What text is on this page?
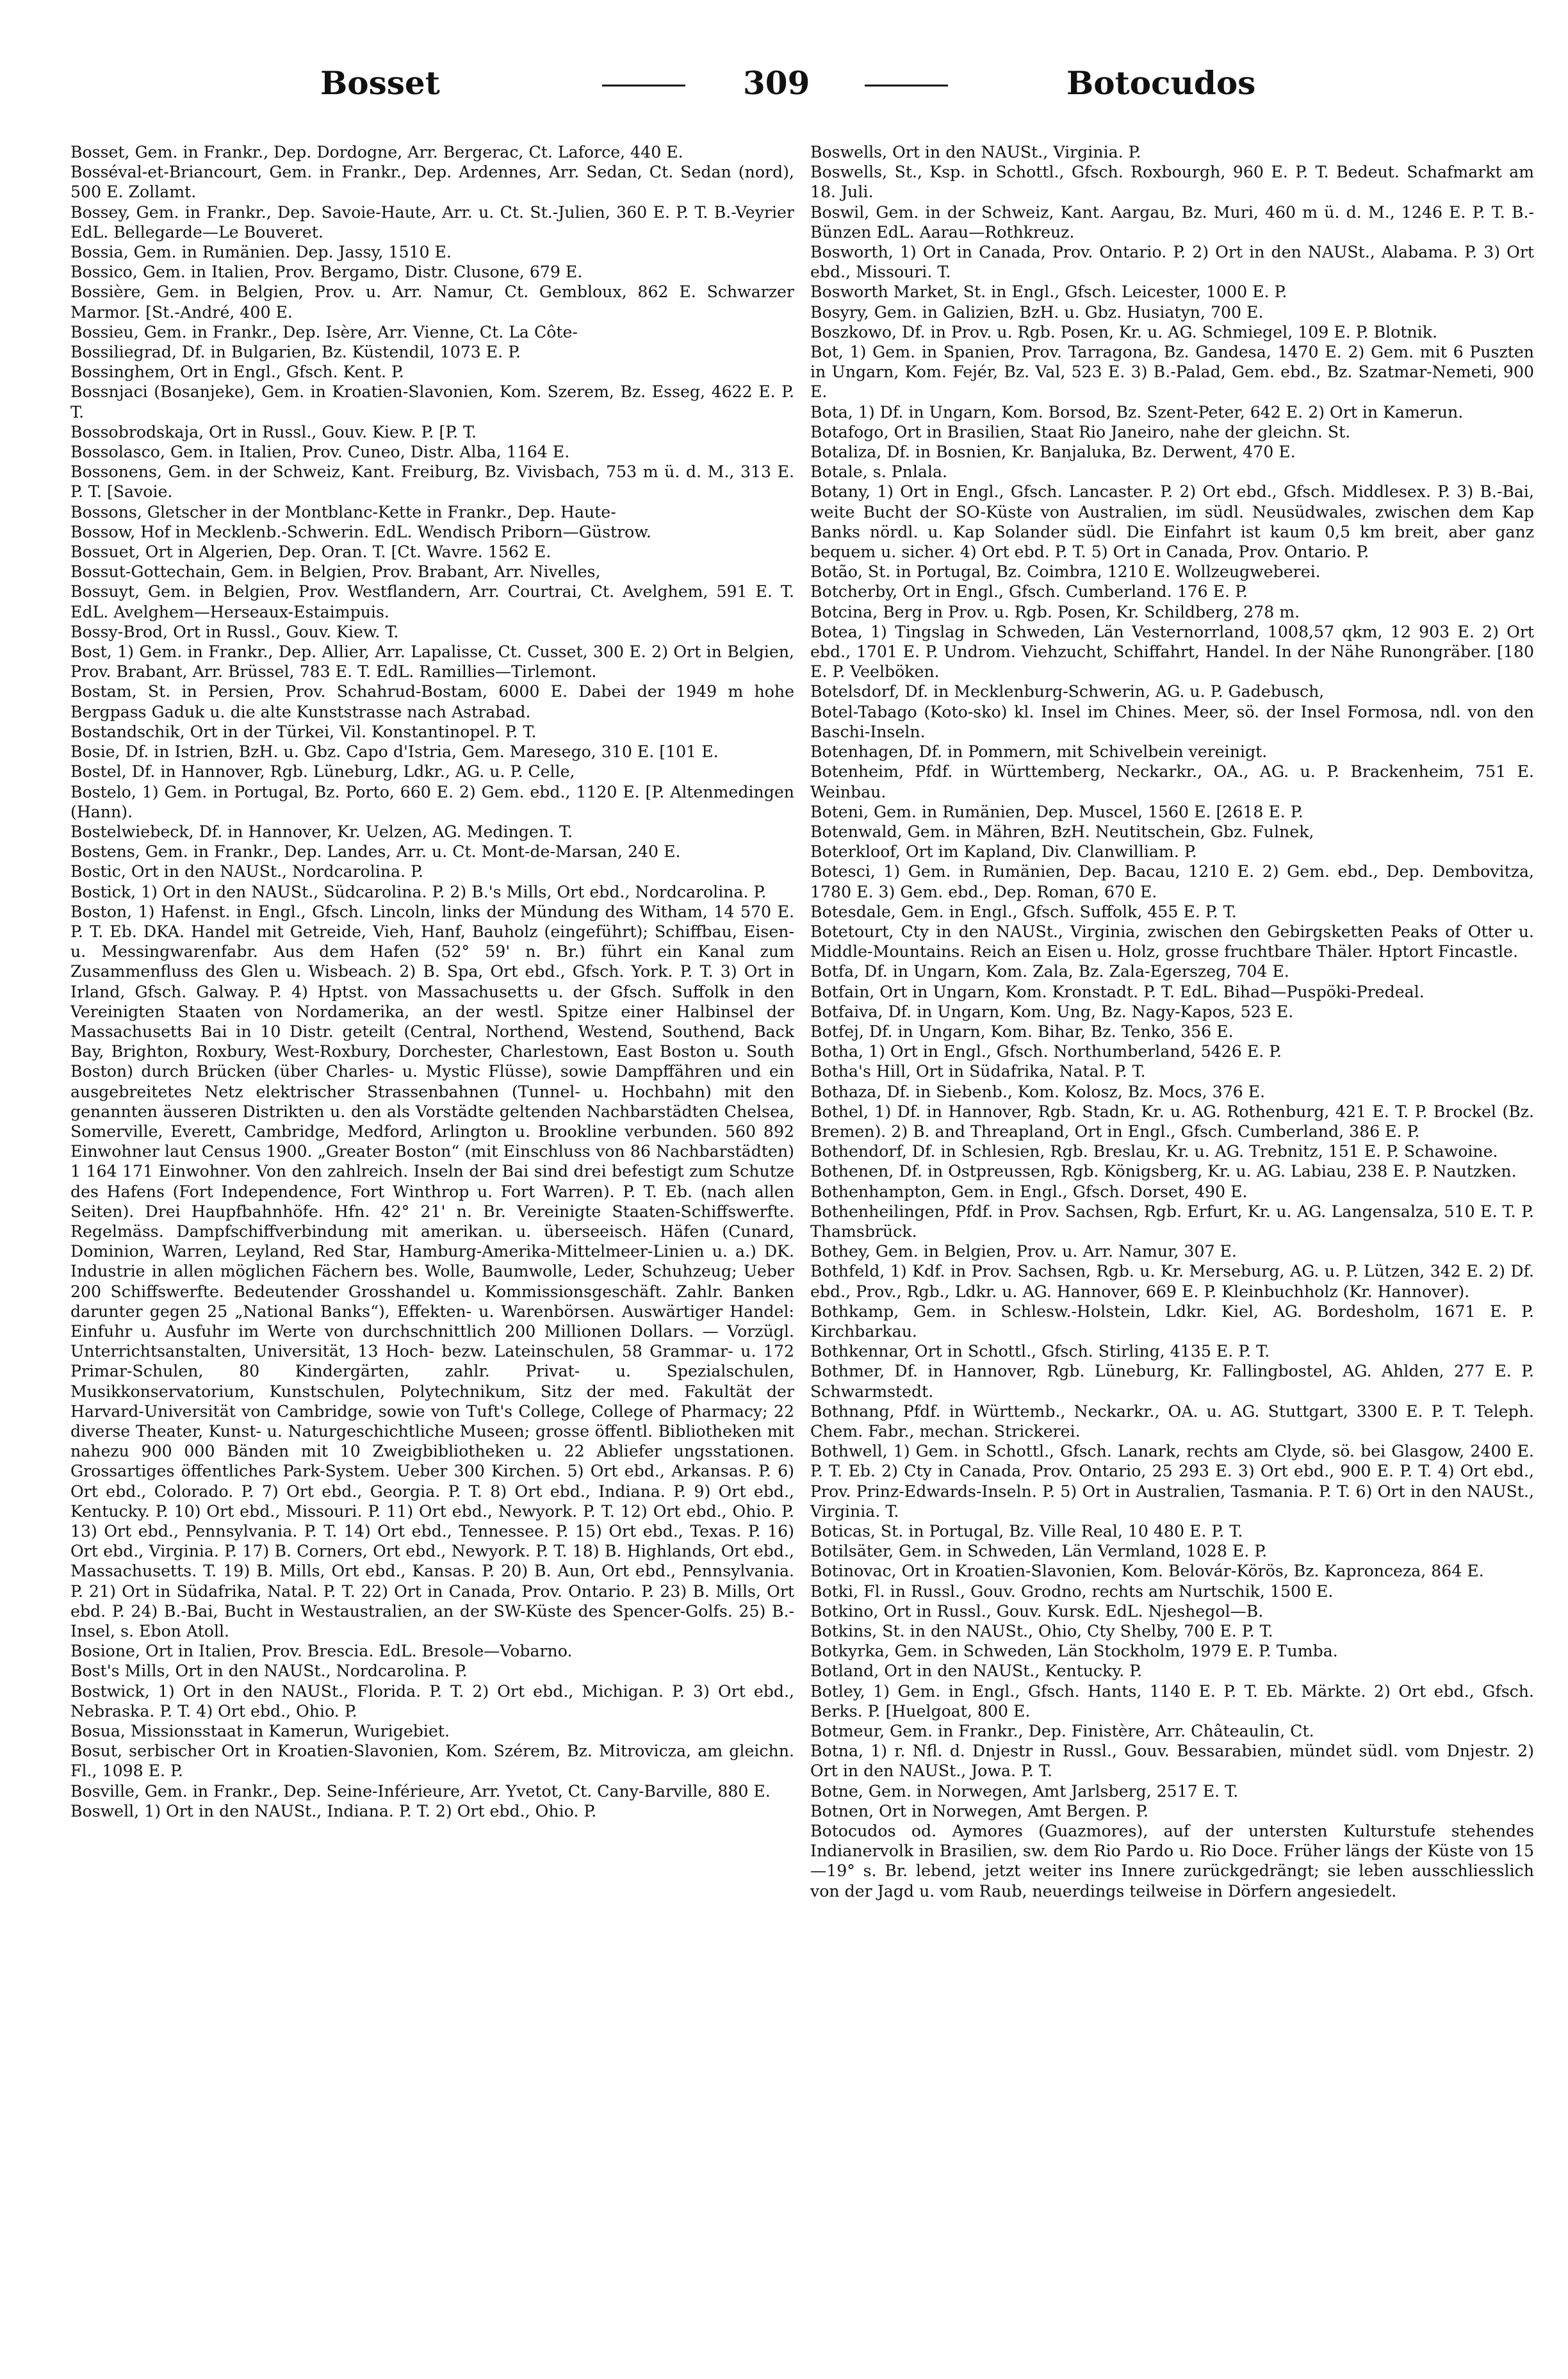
Bosset	309	Botocudos

Bosset, Gem. in Frankr., Dep. Dordogne, Arr. Bergerac, Ct. Laforce, 440 E.

Bosséval-et-Briancourt, Gem. in Frankr., Dep. Ardennes, Arr. Sedan, Ct. Sedan (nord), 500 E. Zollamt.

Bossey, Gem. in Frankr., Dep. Savoie-Haute, Arr. u. Ct. St.-Julien, 360 E. P. T. B.-Veyrier EdL. Bellegarde—Le Bouveret.

Bossia, Gem. in Rumänien. Dep. Jassy, 1510 E.

Bossico, Gem. in Italien, Prov. Bergamo, Distr. Clusone, 679 E.

Bossière, Gem. in Belgien, Prov. u. Arr. Namur, Ct. Gembloux, 862 E. Schwarzer Marmor. [St.-André, 400 E.

Bossieu, Gem. in Frankr., Dep. Isère, Arr. Vienne, Ct. La Côte-

Bossiliegrad, Df. in Bulgarien, Bz. Küstendil, 1073 E. P.

Bossinghem, Ort in Engl., Gfsch. Kent. P.

Bossnjaci (Bosanjeke), Gem. in Kroatien-Slavonien, Kom. Szerem, Bz. Esseg, 4622 E. P. T.

Bossobrodskaja, Ort in Russl., Gouv. Kiew. P. [P. T.

Bossolasco, Gem. in Italien, Prov. Cuneo, Distr. Alba, 1164 E.

Bossonens, Gem. in der Schweiz, Kant. Freiburg, Bz. Vivisbach, 753 m ü. d. M., 313 E. P. T. [Savoie.

Bossons, Gletscher in der Montblanc-Kette in Frankr., Dep. Haute-

Bossow, Hof in Mecklenb.-Schwerin. EdL. Wendisch Priborn—Güstrow.

Bossuet, Ort in Algerien, Dep. Oran. T. [Ct. Wavre. 1562 E.

Bossut-Gottechain, Gem. in Belgien, Prov. Brabant, Arr. Nivelles,

Bossuyt, Gem. in Belgien, Prov. Westflandern, Arr. Courtrai, Ct. Avelghem, 591 E. T. EdL. Avelghem—Herseaux-Estaimpuis.

Bossy-Brod, Ort in Russl., Gouv. Kiew. T.

Bost, 1) Gem. in Frankr., Dep. Allier, Arr. Lapalisse, Ct. Cusset, 300 E. 2) Ort in Belgien, Prov. Brabant, Arr. Brüssel, 783 E. T. EdL. Ramillies—Tirlemont.

Bostam, St. in Persien, Prov. Schahrud-Bostam, 6000 E. Dabei der 1949 m hohe Bergpass Gaduk u. die alte Kunststrasse nach Astrabad.

Bostandschik, Ort in der Türkei, Vil. Konstantinopel. P. T.

Bosie, Df. in Istrien, BzH. u. Gbz. Capo d'Istria, Gem. Maresego, 310 E. [101 E.

Bostel, Df. in Hannover, Rgb. Lüneburg, Ldkr., AG. u. P. Celle,

Bostelo, 1) Gem. in Portugal, Bz. Porto, 660 E. 2) Gem. ebd., 1120 E. [P. Altenmedingen (Hann).

Bostelwiebeck, Df. in Hannover, Kr. Uelzen, AG. Medingen. T.

Bostens, Gem. in Frankr., Dep. Landes, Arr. u. Ct. Mont-de-Marsan, 240 E.

Bostic, Ort in den NAUSt., Nordcarolina. P.

Bostick, 1) Ort in den NAUSt., Südcarolina. P. 2) B.'s Mills, Ort ebd., Nordcarolina. P.

Boston, 1) Hafenst. in Engl., Gfsch. Lincoln, links der Mündung des Witham, 14 570 E. P. T. Eb. DKA. Handel mit Getreide, Vieh, Hanf, Bauholz (eingeführt); Schiffbau, Eisen- u. Messingwarenfabr. Aus dem Hafen (52° 59' n. Br.) führt ein Kanal zum Zusammenfluss des Glen u. Wisbeach. 2) B. Spa, Ort ebd., Gfsch. York. P. T. 3) Ort in Irland, Gfsch. Galway. P. 4) Hptst. von Massachusetts u. der Gfsch. Suffolk in den Vereinigten Staaten von Nordamerika, an der westl. Spitze einer Halbinsel der Massachusetts Bai in 10 Distr. geteilt (Central, Northend, Westend, Southend, Back Bay, Brighton, Roxbury, West-Roxbury, Dorchester, Charlestown, East Boston u. South Boston) durch Brücken (über Charles- u. Mystic Flüsse), sowie Dampffähren und ein ausgebreitetes Netz elektrischer Strassenbahnen (Tunnel- u. Hochbahn) mit den genannten äusseren Distrikten u. den als Vorstädte geltenden Nachbarstädten Chelsea, Somerville, Everett, Cambridge, Medford, Arlington u. Brookline verbunden. 560 892 Einwohner laut Census 1900. „Greater Boston“ (mit Einschluss von 86 Nachbarstädten) 1 164 171 Einwohner. Von den zahlreich. Inseln der Bai sind drei befestigt zum Schutze des Hafens (Fort Independence, Fort Winthrop u. Fort Warren). P. T. Eb. (nach allen Seiten). Drei Haupfbahnhöfe. Hfn. 42° 21' n. Br. Vereinigte Staaten-Schiffswerfte. Regelmäss. Dampfschiffverbindung mit amerikan. u. überseeisch. Häfen (Cunard, Dominion, Warren, Leyland, Red Star, Hamburg-Amerika-Mittelmeer-Linien u. a.) DK. Industrie in allen möglichen Fächern bes. Wolle, Baumwolle, Leder, Schuhzeug; Ueber 200 Schiffswerfte. Bedeutender Grosshandel u. Kommissionsgeschäft. Zahlr. Banken darunter gegen 25 „National Banks“), Effekten- u. Warenbörsen. Auswärtiger Handel: Einfuhr u. Ausfuhr im Werte von durchschnittlich 200 Millionen Dollars. — Vorzügl. Unterrichtsanstalten, Universität, 13 Hoch- bezw. Lateinschulen, 58 Grammar- u. 172 Primar-Schulen, 80 Kindergärten, zahlr. Privat- u. Spezialschulen, Musikkonservatorium, Kunstschulen, Polytechnikum, Sitz der med. Fakultät der Harvard-Universität von Cambridge, sowie von Tuft's College, College of Pharmacy; 22 diverse Theater, Kunst- u. Naturgeschichtliche Museen; grosse öffentl. Bibliotheken mit nahezu 900 000 Bänden mit 10 Zweigbibliotheken u. 22 Abliefer ungsstationen. Grossartiges öffentliches Park-System. Ueber 300 Kirchen. 5) Ort ebd., Arkansas. P. 6) Ort ebd., Colorado. P. 7) Ort ebd., Georgia. P. T. 8) Ort ebd., Indiana. P. 9) Ort ebd., Kentucky. P. 10) Ort ebd., Missouri. P. 11) Ort ebd., Newyork. P. T. 12) Ort ebd., Ohio. P. 13) Ort ebd., Pennsylvania. P. T. 14) Ort ebd., Tennessee. P. 15) Ort ebd., Texas. P. 16) Ort ebd., Virginia. P. 17) B. Corners, Ort ebd., Newyork. P. T. 18) B. Highlands, Ort ebd., Massachusetts. T. 19) B. Mills, Ort ebd., Kansas. P. 20) B. Aun, Ort ebd., Pennsylvania. P. 21) Ort in Südafrika, Natal. P. T. 22) Ort in Canada, Prov. Ontario. P. 23) B. Mills, Ort ebd. P. 24) B.-Bai, Bucht in Westaustralien, an der SW-Küste des Spencer-Golfs. 25) B.-Insel, s. Ebon Atoll.

Bosione, Ort in Italien, Prov. Brescia. EdL. Bresole—Vobarno.

Bost's Mills, Ort in den NAUSt., Nordcarolina. P.

Bostwick, 1) Ort in den NAUSt., Florida. P. T. 2) Ort ebd., Michigan. P. 3) Ort ebd., Nebraska. P. T. 4) Ort ebd., Ohio. P.

Bosua, Missionsstaat in Kamerun, Wurigebiet.

Bosut, serbischer Ort in Kroatien-Slavonien, Kom. Szérem, Bz. Mitrovicza, am gleichn. Fl., 1098 E. P.

Bosville, Gem. in Frankr., Dep. Seine-Inférieure, Arr. Yvetot, Ct. Cany-Barville, 880 E.

Boswell, 1) Ort in den NAUSt., Indiana. P. T. 2) Ort ebd., Ohio. P.

Boswells, Ort in den NAUSt., Virginia. P.

Boswells, St., Ksp. in Schottl., Gfsch. Roxbourgh, 960 E. P. T. Bedeut. Schafmarkt am 18. Juli.

Boswil, Gem. in der Schweiz, Kant. Aargau, Bz. Muri, 460 m ü. d. M., 1246 E. P. T. B.-Bünzen EdL. Aarau—Rothkreuz.

Bosworth, 1) Ort in Canada, Prov. Ontario. P. 2) Ort in den NAUSt., Alabama. P. 3) Ort ebd., Missouri. T.

Bosworth Market, St. in Engl., Gfsch. Leicester, 1000 E. P.

Bosyry, Gem. in Galizien, BzH. u. Gbz. Husiatyn, 700 E.

Boszkowo, Df. in Prov. u. Rgb. Posen, Kr. u. AG. Schmiegel, 109 E. P. Blotnik.

Bot, 1) Gem. in Spanien, Prov. Tarragona, Bz. Gandesa, 1470 E. 2) Gem. mit 6 Puszten in Ungarn, Kom. Fejér, Bz. Val, 523 E. 3) B.-Palad, Gem. ebd., Bz. Szatmar-Nemeti, 900 E.

Bota, 1) Df. in Ungarn, Kom. Borsod, Bz. Szent-Peter, 642 E. 2) Ort in Kamerun.

Botafogo, Ort in Brasilien, Staat Rio Janeiro, nahe der gleichn. St.

Botaliza, Df. in Bosnien, Kr. Banjaluka, Bz. Derwent, 470 E.

Botale, s. Pnlala.

Botany, 1) Ort in Engl., Gfsch. Lancaster. P. 2) Ort ebd., Gfsch. Middlesex. P. 3) B.-Bai, weite Bucht der SO-Küste von Australien, im südl. Neusüdwales, zwischen dem Kap Banks nördl. u. Kap Solander südl. Die Einfahrt ist kaum 0,5 km breit, aber ganz bequem u. sicher. 4) Ort ebd. P. T. 5) Ort in Canada, Prov. Ontario. P.

Botão, St. in Portugal, Bz. Coimbra, 1210 E. Wollzeugweberei.

Botcherby, Ort in Engl., Gfsch. Cumberland. 176 E. P.

Botcina, Berg in Prov. u. Rgb. Posen, Kr. Schildberg, 278 m.

Botea, 1) Tingslag in Schweden, Län Vesternorrland, 1008,57 qkm, 12 903 E. 2) Ort ebd., 1701 E. P. Undrom. Viehzucht, Schiffahrt, Handel. In der Nähe Runongräber. [180 E. P. Veelböken.

Botelsdorf, Df. in Mecklenburg-Schwerin, AG. u. P. Gadebusch,

Botel-Tabago (Koto-sko) kl. Insel im Chines. Meer, sö. der Insel Formosa, ndl. von den Baschi-Inseln.

Botenhagen, Df. in Pommern, mit Schivelbein vereinigt.

Botenheim, Pfdf. in Württemberg, Neckarkr., OA., AG. u. P. Brackenheim, 751 E. Weinbau.

Boteni, Gem. in Rumänien, Dep. Muscel, 1560 E. [2618 E. P.

Botenwald, Gem. in Mähren, BzH. Neutitschein, Gbz. Fulnek,

Boterkloof, Ort im Kapland, Div. Clanwilliam. P.

Botesci, 1) Gem. in Rumänien, Dep. Bacau, 1210 E. 2) Gem. ebd., Dep. Dembovitza, 1780 E. 3) Gem. ebd., Dep. Roman, 670 E.

Botesdale, Gem. in Engl., Gfsch. Suffolk, 455 E. P. T.

Botetourt, Cty in den NAUSt., Virginia, zwischen den Gebirgsketten Peaks of Otter u. Middle-Mountains. Reich an Eisen u. Holz, grosse fruchtbare Thäler. Hptort Fincastle.

Botfa, Df. in Ungarn, Kom. Zala, Bz. Zala-Egerszeg, 704 E.

Botfain, Ort in Ungarn, Kom. Kronstadt. P. T. EdL. Bihad—Puspöki-Predeal.

Botfaiva, Df. in Ungarn, Kom. Ung, Bz. Nagy-Kapos, 523 E.

Botfej, Df. in Ungarn, Kom. Bihar, Bz. Tenko, 356 E.

Botha, 1) Ort in Engl., Gfsch. Northumberland, 5426 E. P.

Botha's Hill, Ort in Südafrika, Natal. P. T.

Bothaza, Df. in Siebenb., Kom. Kolosz, Bz. Mocs, 376 E.

Bothel, 1) Df. in Hannover, Rgb. Stadn, Kr. u. AG. Rothenburg, 421 E. T. P. Brockel (Bz. Bremen). 2) B. and Threapland, Ort in Engl., Gfsch. Cumberland, 386 E. P.

Bothendorf, Df. in Schlesien, Rgb. Breslau, Kr. u. AG. Trebnitz, 151 E. P. Schawoine.

Bothenen, Df. in Ostpreussen, Rgb. Königsberg, Kr. u. AG. Labiau, 238 E. P. Nautzken.

Bothenhampton, Gem. in Engl., Gfsch. Dorset, 490 E.

Bothenheilingen, Pfdf. in Prov. Sachsen, Rgb. Erfurt, Kr. u. AG. Langensalza, 510 E. T. P. Thamsbrück.

Bothey, Gem. in Belgien, Prov. u. Arr. Namur, 307 E.

Bothfeld, 1) Kdf. in Prov. Sachsen, Rgb. u. Kr. Merseburg, AG. u. P. Lützen, 342 E. 2) Df. ebd., Prov., Rgb., Ldkr. u. AG. Hannover, 669 E. P. Kleinbuchholz (Kr. Hannover).

Bothkamp, Gem. in Schlesw.-Holstein, Ldkr. Kiel, AG. Bordesholm, 1671 E. P. Kirchbarkau.

Bothkennar, Ort in Schottl., Gfsch. Stirling, 4135 E. P. T.

Bothmer, Df. in Hannover, Rgb. Lüneburg, Kr. Fallingbostel, AG. Ahlden, 277 E. P. Schwarmstedt.

Bothnang, Pfdf. in Württemb., Neckarkr., OA. u. AG. Stuttgart, 3300 E. P. T. Teleph. Chem. Fabr., mechan. Strickerei.

Bothwell, 1) Gem. in Schottl., Gfsch. Lanark, rechts am Clyde, sö. bei Glasgow, 2400 E. P. T. Eb. 2) Cty in Canada, Prov. Ontario, 25 293 E. 3) Ort ebd., 900 E. P. T. 4) Ort ebd., Prov. Prinz-Edwards-Inseln. P. 5) Ort in Australien, Tasmania. P. T. 6) Ort in den NAUSt., Virginia. T.

Boticas, St. in Portugal, Bz. Ville Real, 10 480 E. P. T.

Botilsäter, Gem. in Schweden, Län Vermland, 1028 E. P.

Botinovac, Ort in Kroatien-Slavonien, Kom. Belovár-Körös, Bz. Kapronceza, 864 E.

Botki, Fl. in Russl., Gouv. Grodno, rechts am Nurtschik, 1500 E.

Botkino, Ort in Russl., Gouv. Kursk. EdL. Njeshegol—B.

Botkins, St. in den NAUSt., Ohio, Cty Shelby, 700 E. P. T.

Botkyrka, Gem. in Schweden, Län Stockholm, 1979 E. P. Tumba.

Botland, Ort in den NAUSt., Kentucky. P.

Botley, 1) Gem. in Engl., Gfsch. Hants, 1140 E. P. T. Eb. Märkte. 2) Ort ebd., Gfsch. Berks. P. [Huelgoat, 800 E.

Botmeur, Gem. in Frankr., Dep. Finistère, Arr. Châteaulin, Ct.

Botna, 1) r. Nfl. d. Dnjestr in Russl., Gouv. Bessarabien, mündet südl. vom Dnjestr. 2) Ort in den NAUSt., Jowa. P. T.

Botne, Gem. in Norwegen, Amt Jarlsberg, 2517 E. T.

Botnen, Ort in Norwegen, Amt Bergen. P.

Botocudos od. Aymores (Guazmores), auf der untersten Kulturstufe stehendes Indianervolk in Brasilien, sw. dem Rio Pardo u. Rio Doce. Früher längs der Küste von 15—19° s. Br. lebend, jetzt weiter ins Innere zurückgedrängt; sie leben ausschliesslich von der Jagd u. vom Raub, neuerdings teilweise in Dörfern angesiedelt.
